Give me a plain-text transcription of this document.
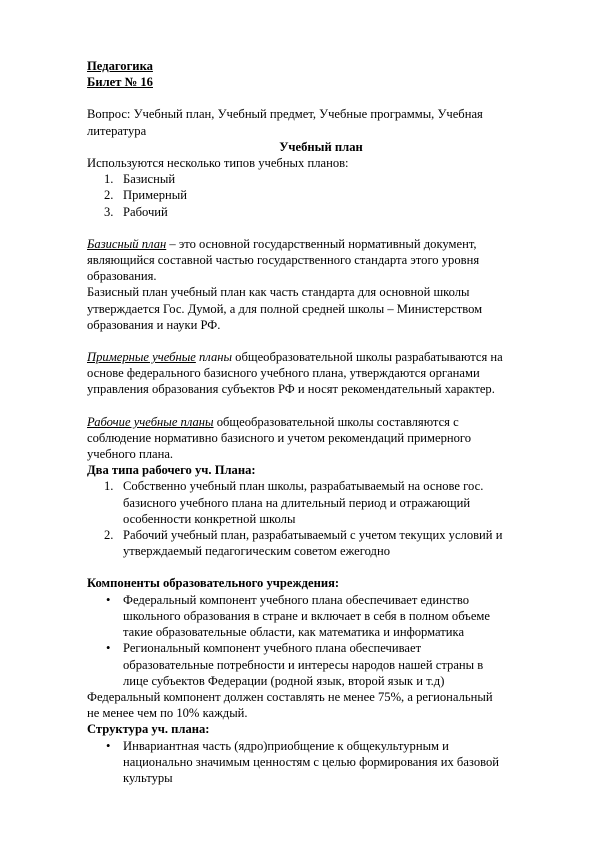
Педагогика

Билет № 16

Вопрос: Учебный план, Учебный предмет, Учебные программы, Учебная

литература

Учебный план

Используются несколько типов учебных планов:

1. Базисный
2. Примерный
3. Рабочий

Базисный план – это основной государственный нормативный документ,

являющийся составной частью государственного стандарта этого уровня

образования.

Базисный план учебный план как часть стандарта для основной школы

утверждается Гос. Думой, а для полной средней школы – Министерством

образования и науки РФ.

Примерные учебные планы общеобразовательной школы разрабатываются на

основе федерального базисного учебного плана, утверждаются органами

управления образования субъектов РФ и носят рекомендательный характер.

Рабочие учебные планы общеобразовательной школы составляются с

соблюдение нормативно базисного и учетом рекомендаций примерного

учебного плана.

Два типа рабочего уч. Плана:

1. Собственно учебный план школы, разрабатываемый на основе гос.

базисного учебного плана на длительный период и отражающий

особенности конкретной школы

2. Рабочий учебный план, разрабатываемый с учетом текущих условий и

утверждаемый педагогическим советом ежегодно

Компоненты образовательного учреждения:

• Федеральный компонент учебного плана обеспечивает единство

школьного образования в стране и включает в себя в полном объеме

такие образовательные области, как математика и информатика

• Региональный компонент учебного плана обеспечивает

образовательные потребности и интересы народов нашей страны в

лице субъектов Федерации (родной язык, второй язык и т.д)

Федеральный компонент должен составлять не менее 75%, а региональный

не менее чем по 10% каждый.

Структура уч. плана:

• Инвариантная часть (ядро)приобщение к общекультурным и

национально значимым ценностям с целью формирования их базовой

культуры
